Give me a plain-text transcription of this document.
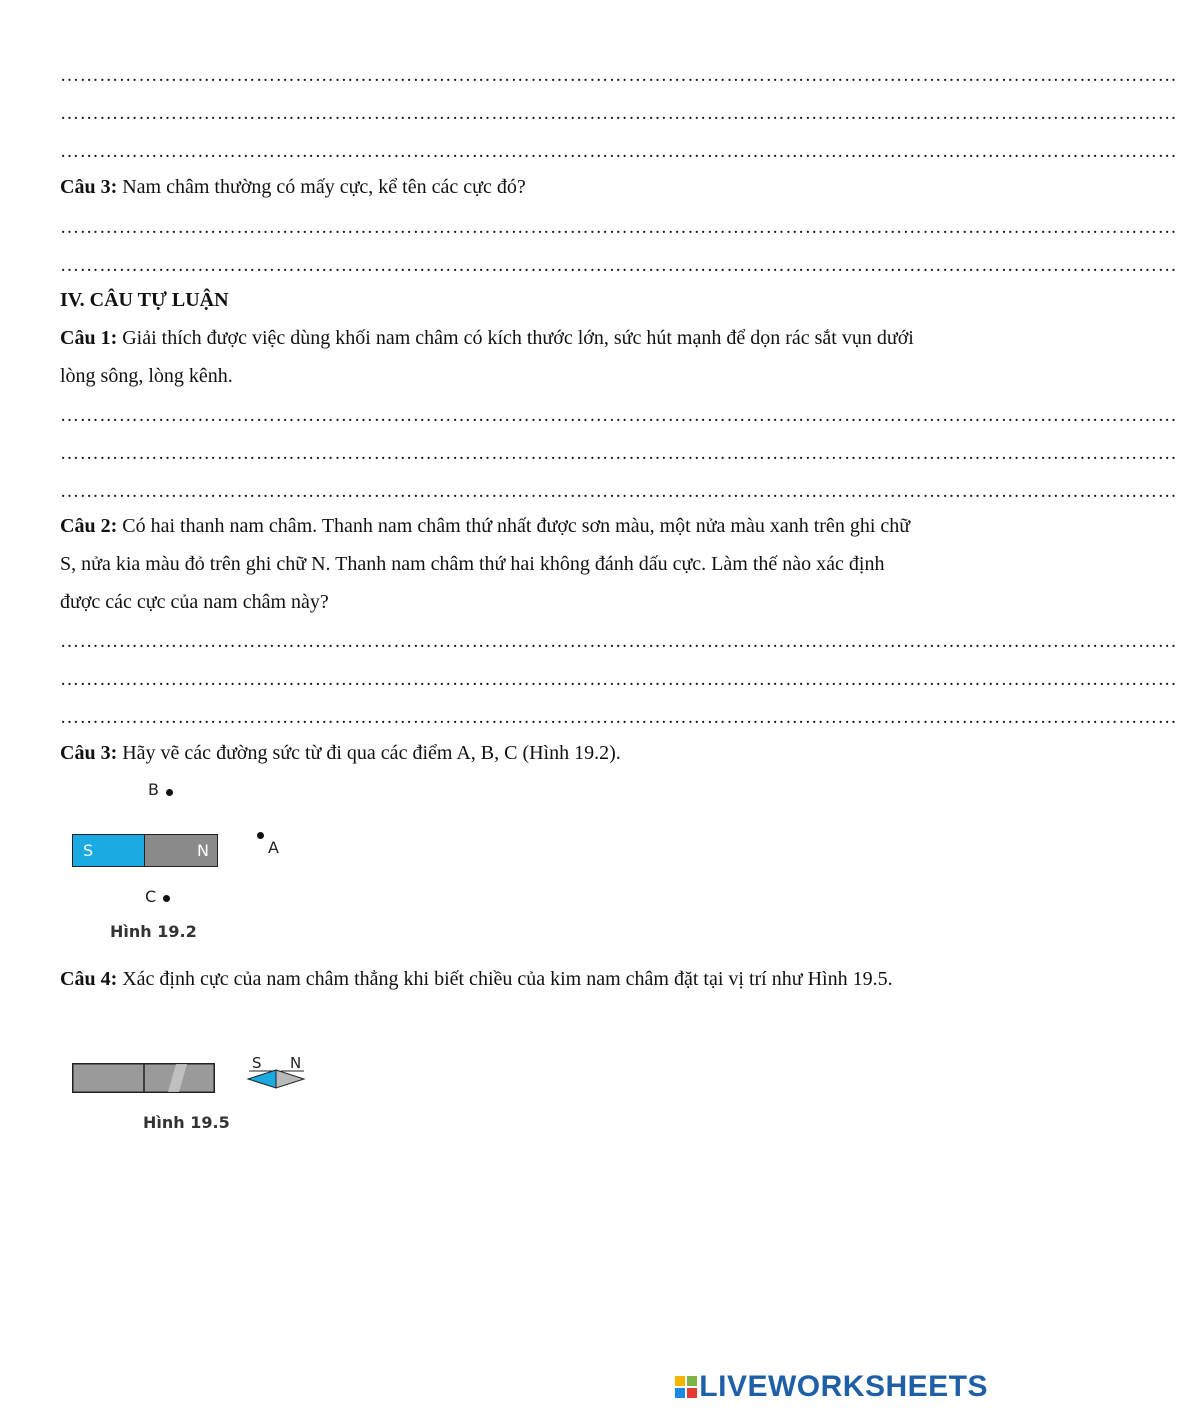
………………………………………………………………………………………………………………………………………………………
………………………………………………………………………………………………………………………………………………………
………………………………………………………………………………………………………………………………………………………
Câu 3: Nam châm thường có mấy cực, kể tên các cực đó?
………………………………………………………………………………………………………………………………………………………
………………………………………………………………………………………………………………………………………………………
IV. CÂU TỰ LUẬN
Câu 1: Giải thích được việc dùng khối nam châm có kích thước lớn, sức hút mạnh để dọn rác sắt vụn dưới lòng sông, lòng kênh.
………………………………………………………………………………………………………………………………………………………
………………………………………………………………………………………………………………………………………………………
………………………………………………………………………………………………………………………………………………………
Câu 2: Có hai thanh nam châm. Thanh nam châm thứ nhất được sơn màu, một nửa màu xanh trên ghi chữ S, nửa kia màu đỏ trên ghi chữ N. Thanh nam châm thứ hai không đánh dấu cực. Làm thế nào xác định được các cực của nam châm này?
………………………………………………………………………………………………………………………………………………………
………………………………………………………………………………………………………………………………………………………
………………………………………………………………………………………………………………………………………………………
Câu 3: Hãy vẽ các đường sức từ đi qua các điểm A, B, C (Hình 19.2).
B
S	N	A
C
Hình 19.2
Câu 4: Xác định cực của nam châm thẳng khi biết chiều của kim nam châm đặt tại vị trí như Hình 19.5.
S N
Hình 19.5
LIVEWORKSHEETS
